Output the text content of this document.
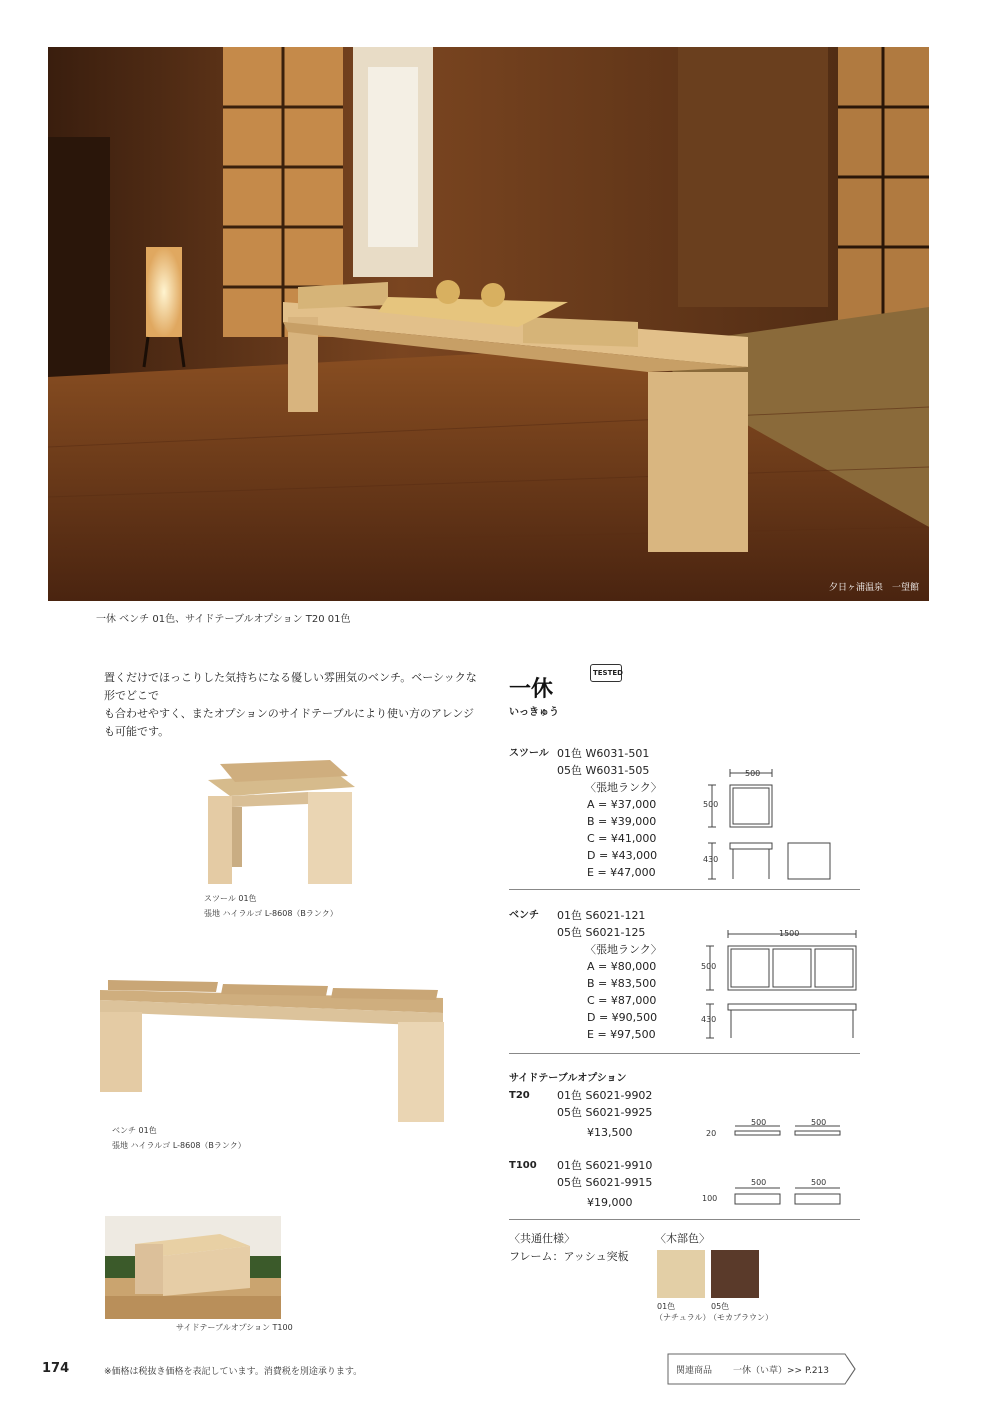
夕日ヶ浦温泉　一望館
一休 ベンチ 01色、サイドテーブルオプション T20 01色
置くだけでほっこりした気持ちになる優しい雰囲気のベンチ。ベーシックな形でどこで
も合わせやすく、またオプションのサイドテーブルにより使い方のアレンジも可能です。
一休
いっきゅう
TESTED
スツール 01色
張地 ハイラルゴ L-8608（Bランク）
ベンチ 01色
張地 ハイラルゴ L-8608（Bランク）
サイドテーブルオプション T100
スツール 01色 W6031-501
05色 W6031-505
〈張地ランク〉
A = ¥37,000
B = ¥39,000
C = ¥41,000
D = ¥43,000
E = ¥47,000
500
500
430
ベンチ 01色 S6021-121
05色 S6021-125
〈張地ランク〉
A = ¥80,000
B = ¥83,500
C = ¥87,000
D = ¥90,500
E = ¥97,500
1500
500
430
サイドテーブルオプション
T20 01色 S6021-9902
05色 S6021-9925
¥13,500	20
500	500
T100 01色 S6021-9910
05色 S6021-9915
¥19,000	100
500	500
〈共通仕様〉
フレーム：アッシュ突板
〈木部色〉
01色
（ナチュラル）
05色
（モカブラウン）
174	※価格は税抜き価格を表記しています。消費税を別途承ります。	関連商品 一休（い草）>> P.213
